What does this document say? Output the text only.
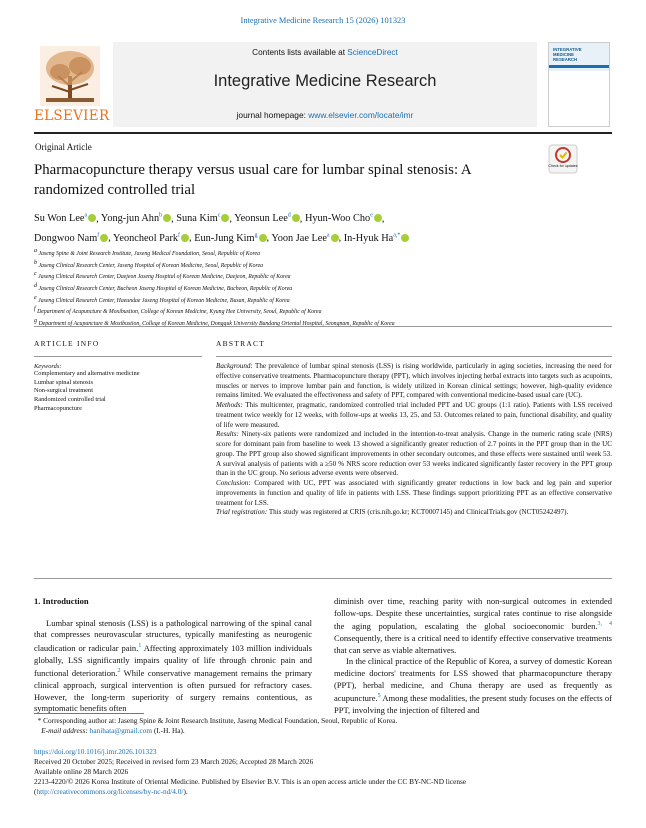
Integrative Medicine Research 15 (2026) 101323
ELSEVIER
Contents lists available at ScienceDirect
Integrative Medicine Research
journal homepage: www.elsevier.com/locate/imr
INTEGRATIVE MEDICINE RESEARCH
Original Article
Pharmacopuncture therapy versus usual care for lumbar spinal stenosis: A randomized controlled trial
Check for updates
Su Won Lee$^a$ , Yong-jun Ahn$^b$ , Suna Kim$^c$ , Yeonsun Lee$^d$ , Hyun-Woo Cho$^e$ ,
Dongwoo Nam$^f$ , Yeoncheol Park$^f$ , Eun-Jung Kim$^g$ , Yoon Jae Lee$^a$ , In-Hyuk $Ha^{a,*}$
$^a$ Jaseng Spine & Joint Research Institute, Jaseng Medical Foundation, Seoul, Republic of Korea
$^b$ Jaseng Clinical Research Center, Jaseng Hospital of Korean Medicine, Seoul, Republic of Korea
$^c$ Jaseng Clinical Research Center, Daejeon Jaseng Hospital of Korean Medicine, Daejeon, Republic of Korea
$^d$ Jaseng Clinical Research Center, Bucheon Jaseng Hospital of Korean Medicine, Bucheon, Republic of Korea
$^e$ Jaseng Clinical Research Center, Haeundae Jaseng Hospital of Korean Medicine, Busan, Republic of Korea
$^f$ Department of Acupuncture & Moxibustion, College of Korean Medicine, Kyung Hee University, Seoul, Republic of Korea
$^g$ Department of Acupuncture & Moxibustion, College of Korean Medicine, Dongguk University Bundang Oriental Hospital, Seongnam, Republic of Korea
ARTICLE INFO
Keywords:
Complementary and alternative medicine
Lumbar spinal stenosis
Non-surgical treatment
Randomized controlled trial
Pharmacopuncture
ABSTRACT

Background: The prevalence of lumbar spinal stenosis (LSS) is rising worldwide, particularly in aging societies, increasing the need for effective conservative treatments. Pharmacopuncture therapy (PPT), which involves injecting herbal extracts into targets such as acupoints, muscles or nerves to improve lumbar pain and function, is widely utilized in Korean clinical settings; however, high-quality evidence remains limited. We evaluated the effectiveness and safety of PPT, compared with conventional medicine-based usual care (UC).

Methods: This multicenter, pragmatic, randomized controlled trial included PPT and UC groups (1:1 ratio). Patients with LSS received treatment twice weekly for 12 weeks, with follow-ups at weeks 13, 25, and 53. Outcomes related to pain, functional disability, and quality of life were measured.

Results: Ninety-six patients were randomized and included in the intention-to-treat analysis. Change in the numeric rating scale (NRS) score for dominant pain from baseline to week 13 showed a significantly greater reduction of 2.7 points in the PPT group than in the UC group. The PPT group also showed significant improvements in other secondary outcomes, and these effects were sustained until week 53. A survival analysis of patients with a ≥50 % NRS score reduction over 53 weeks indicated significantly faster recovery in the PPT group than in the UC group. No serious adverse events were observed.

Conclusion: Compared with UC, PPT was associated with significantly greater reductions in low back and leg pain and superior improvements in function and quality of life in patients with LSS. These findings support prioritizing PPT as an effective conservative treatment for LSS.

Trial registration: This study was registered at CRIS (cris.nih.go.kr; KCT0007145) and ClinicalTrials.gov (NCT05242497).

1. Introduction

Lumbar spinal stenosis (LSS) is a pathological narrowing of the spinal canal that compresses neurovascular structures, typically manifesting as neurogenic claudication or radicular pain.$^1$ Affecting approximately 103 million individuals globally, LSS significantly impairs quality of life through chronic pain and functional deterioration.$^2$ While conservative management remains the primary clinical approach, surgical intervention is often pursued for refractory cases. However, the long-term superiority of surgery remains contentious, as symptomatic benefits often

diminish over time, reaching parity with non-surgical outcomes in extended follow-ups. Despite these uncertainties, surgical rates continue to rise alongside the aging population, escalating the global socioeconomic burden.$^{3, 4}$ Consequently, there is a critical need to identify effective conservative treatments that can serve as viable alternatives.

In the clinical practice of the Republic of Korea, a survey of domestic Korean medicine doctors' treatments for LSS showed that pharmacopuncture therapy (PPT), herbal medicine, and Chuna therapy are used as frequently as acupuncture.$^5$ Among these modalities, the present study focuses on the effects of PPT, involving the injection of filtered and

* Corresponding author at: Jaseng Spine & Joint Research Institute, Jaseng Medical Foundation, Seoul, Republic of Korea.
E-mail address: hanihata@gmail.com (I.-H. Ha).
https://doi.org/10.1016/j.imr.2026.101323
Received 20 October 2025; Received in revised form 23 March 2026; Accepted 28 March 2026
Available online 28 March 2026
2213-4220/© 2026 Korea Institute of Oriental Medicine. Published by Elsevier B.V. This is an open access article under the CC BY-NC-ND license
(http://creativecommons.org/licenses/by-nc-nd/4.0/).
